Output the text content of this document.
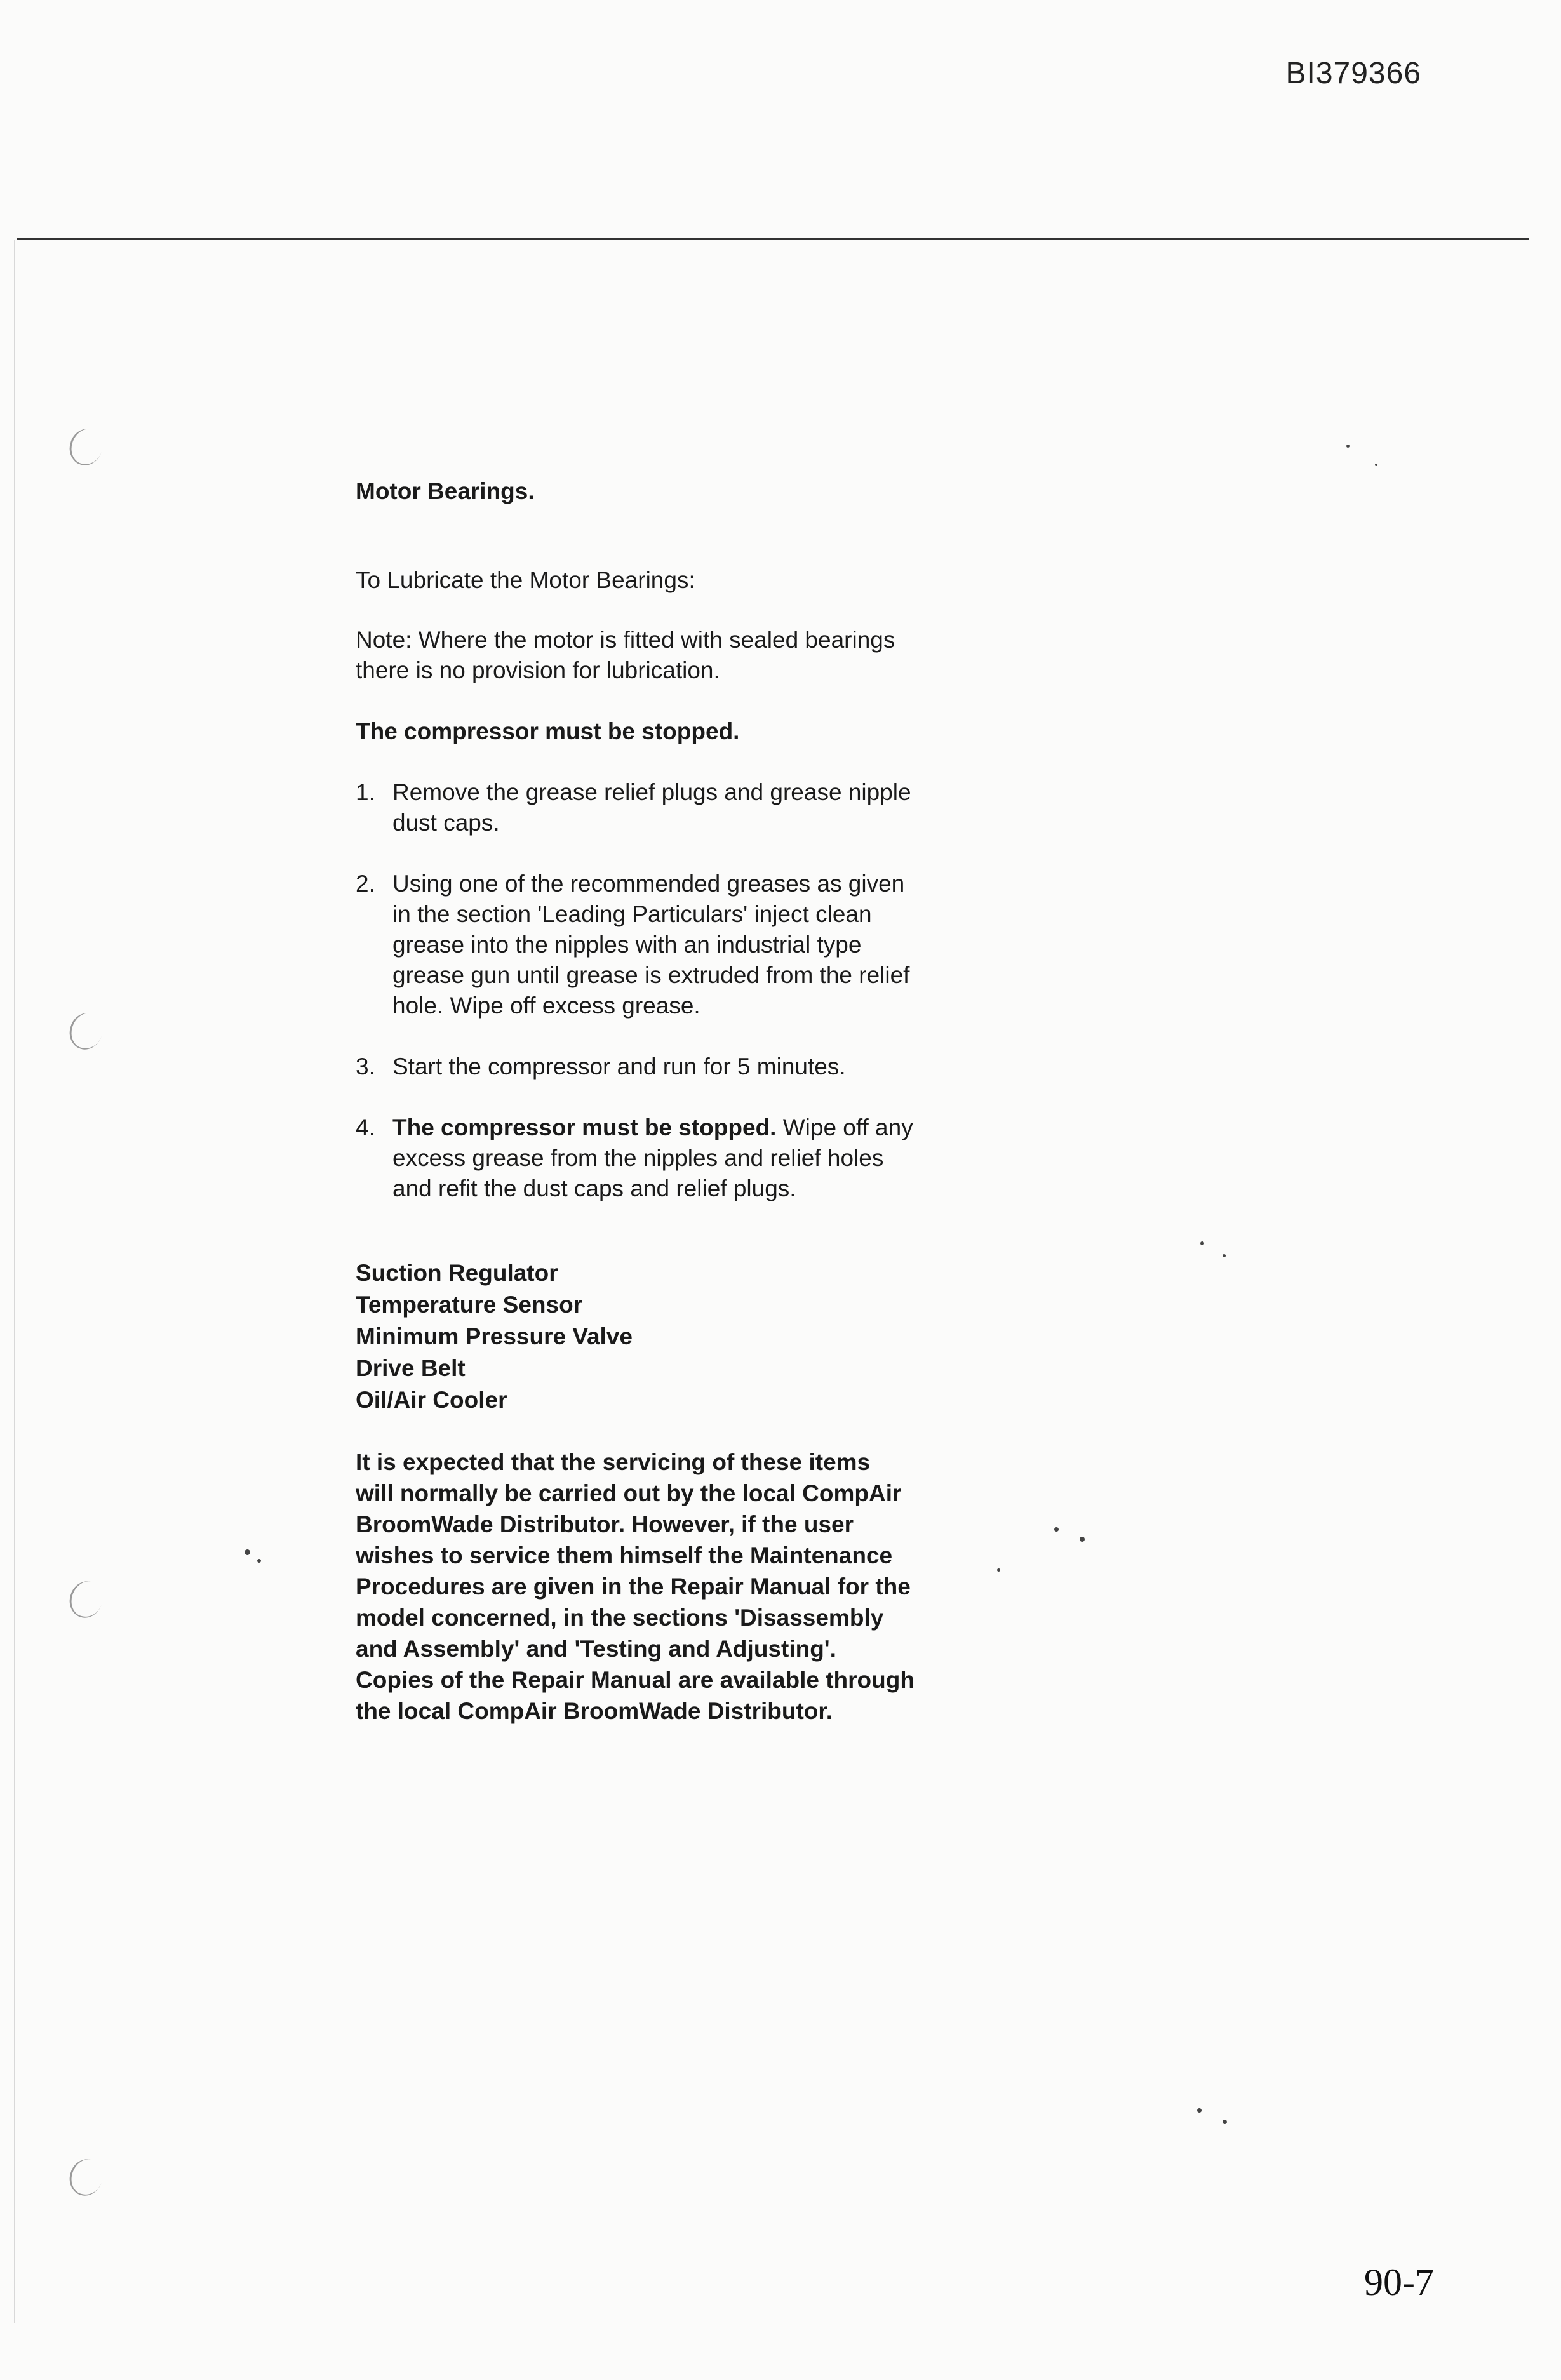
BI379366

Motor Bearings.

To Lubricate the Motor Bearings:

Note: Where the motor is fitted with sealed bearings there is no provision for lubrication.

The compressor must be stopped.

1. Remove the grease relief plugs and grease nipple dust caps.
2. Using one of the recommended greases as given in the section 'Leading Particulars' inject clean grease into the nipples with an industrial type grease gun until grease is extruded from the relief hole. Wipe off excess grease.
3. Start the compressor and run for 5 minutes.
4. The compressor must be stopped. Wipe off any excess grease from the nipples and relief holes and refit the dust caps and relief plugs.
Suction Regulator
Temperature Sensor
Minimum Pressure Valve
Drive Belt
Oil/Air Cooler

It is expected that the servicing of these items will normally be carried out by the local CompAir BroomWade Distributor. However, if the user wishes to service them himself the Maintenance Procedures are given in the Repair Manual for the model concerned, in the sections 'Disassembly and Assembly' and 'Testing and Adjusting'. Copies of the Repair Manual are available through the local CompAir BroomWade Distributor.

90-7
